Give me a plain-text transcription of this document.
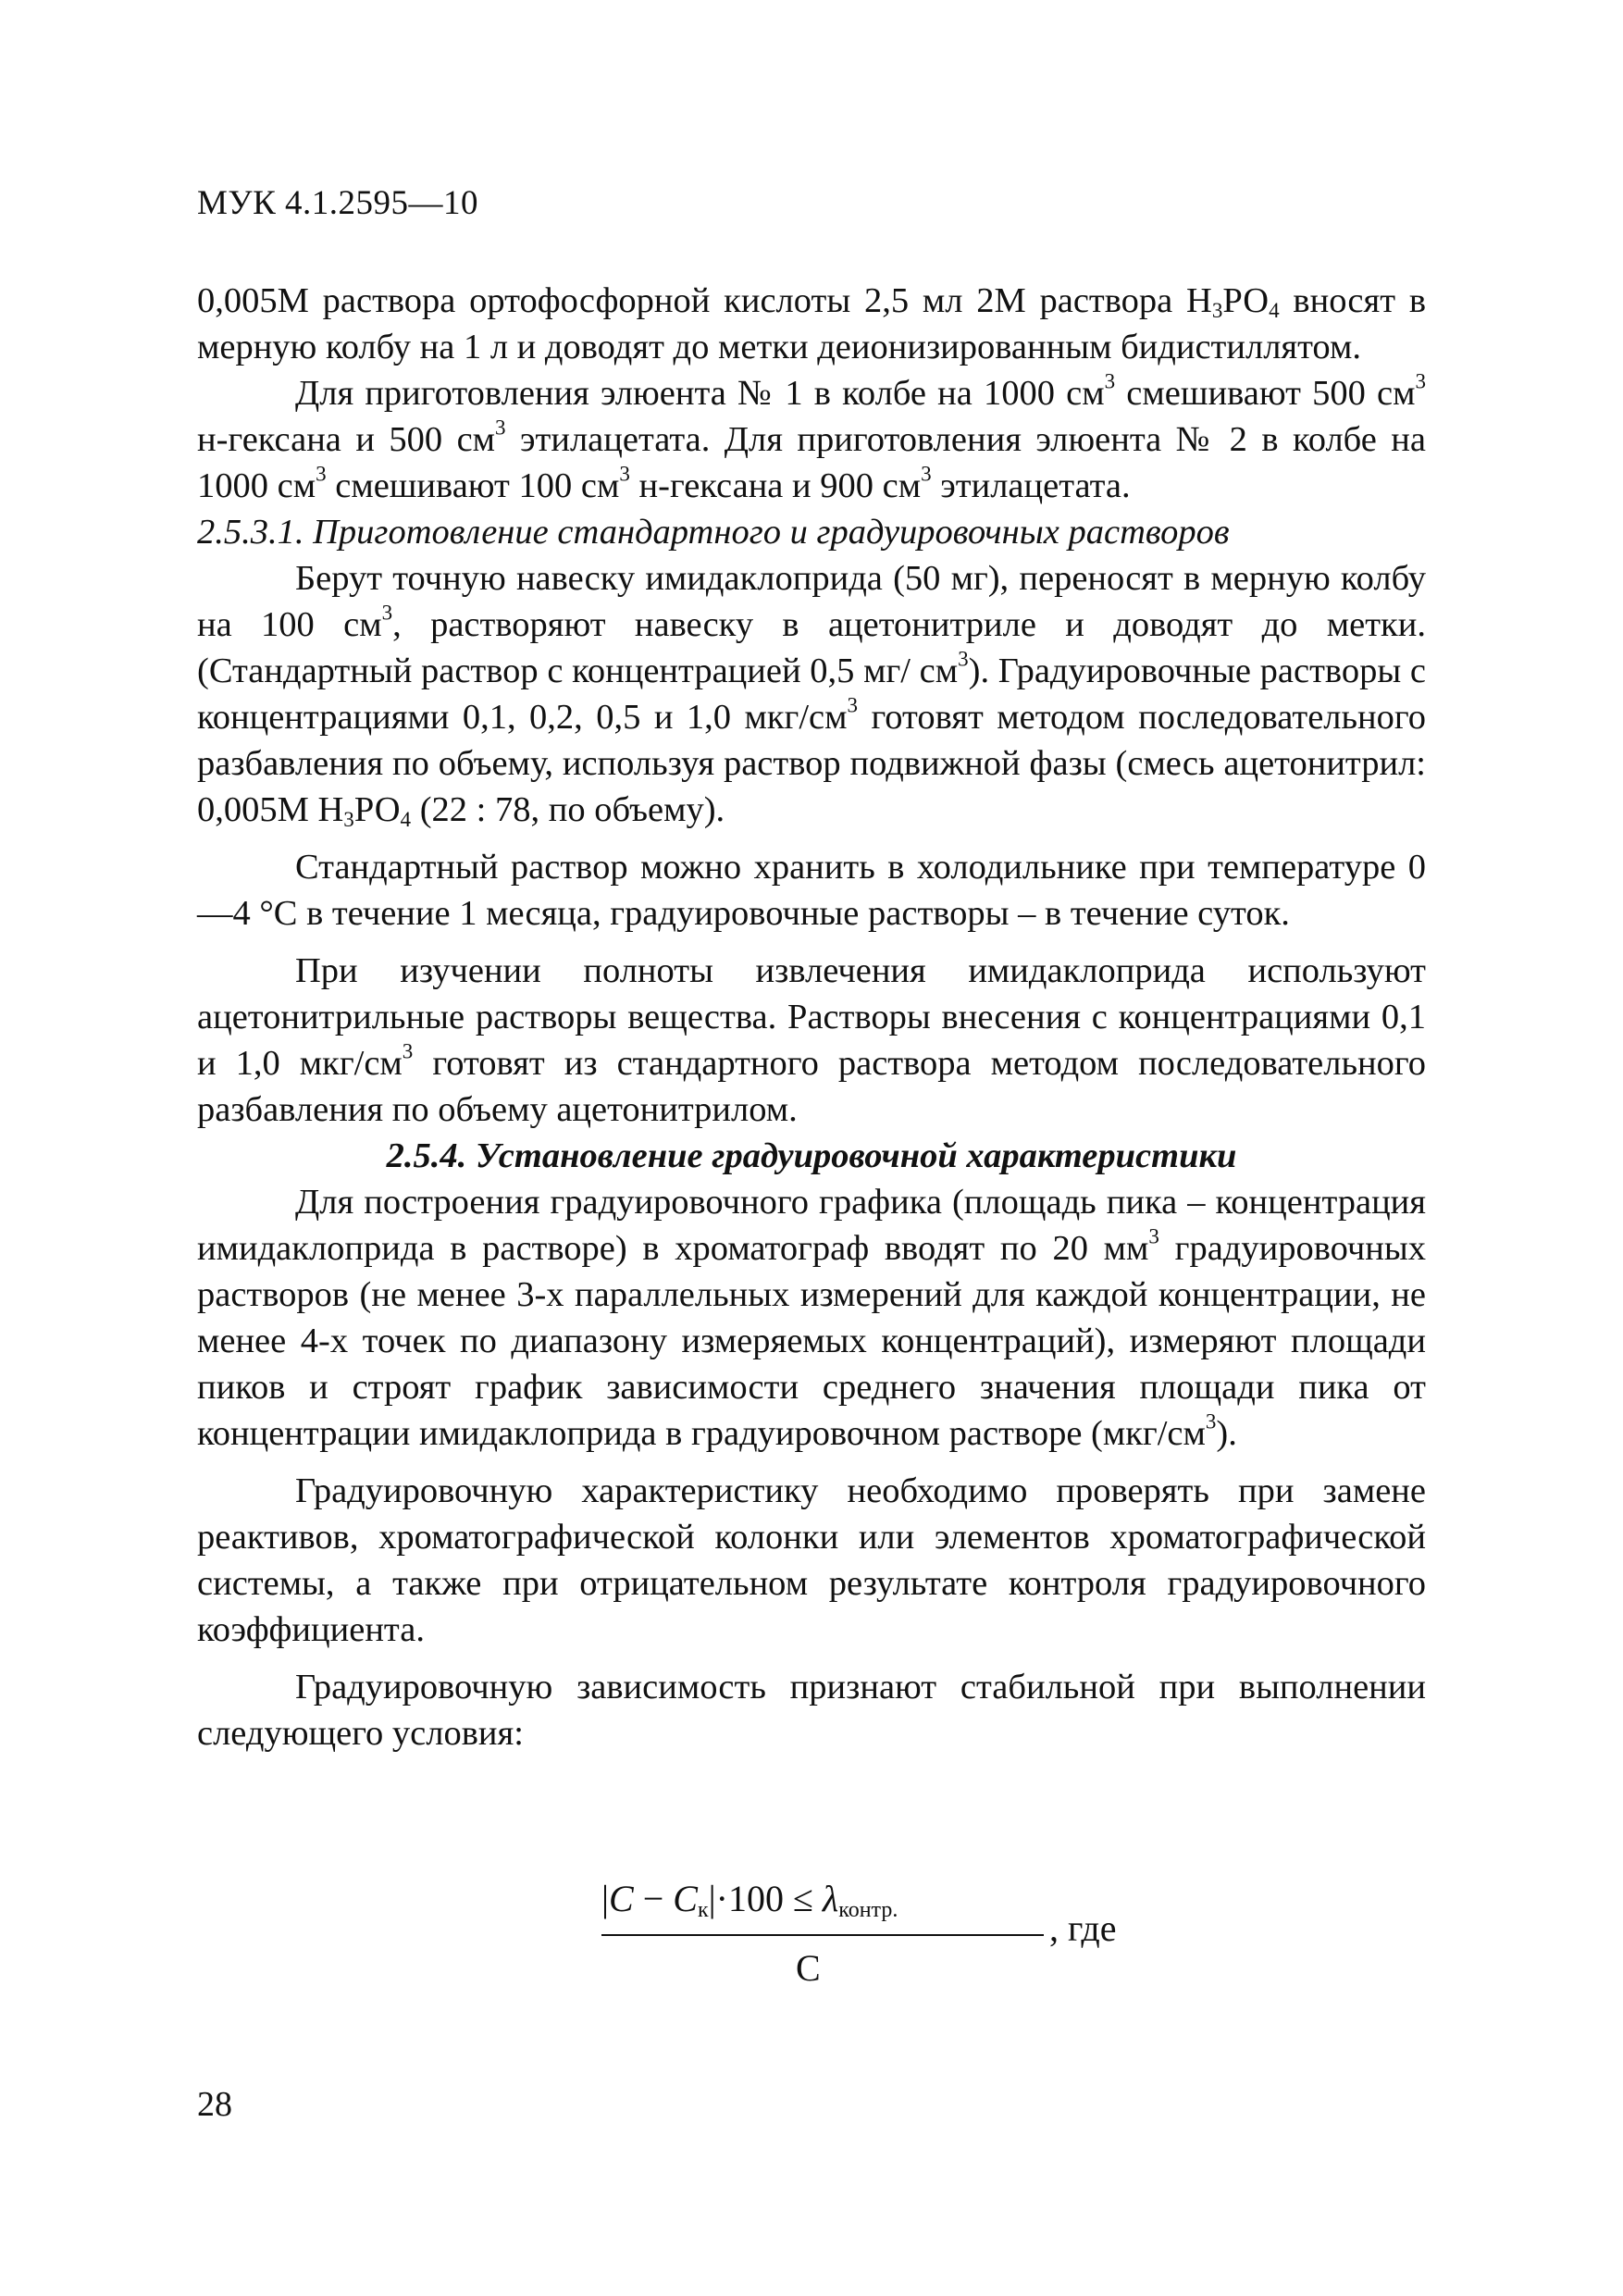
МУК 4.1.2595—10

0,005М раствора ортофосфорной кислоты 2,5 мл 2М раствора $Н_3РО_4$ вносят в мерную колбу на 1 л и доводят до метки деионизированным бидистиллятом.

Для приготовления элюента № 1 в колбе на 1000 $см^3$ смешивают 500 $см^3$ н-гексана и 500 $см^3$ этилацетата. Для приготовления элюента № 2 в колбе на 1000 $см^3$ смешивают 100 $см^3$ н-гексана и 900 $см^3$ этилацетата.

2.5.3.1. Приготовление стандартного и градуировочных растворов

Берут точную навеску имидаклоприда (50 мг), переносят в мерную колбу на 100 $см^3$, растворяют навеску в ацетонитриле и доводят до метки. (Стандартный раствор с концентрацией 0,5 мг/ $см^3$). Градуировочные растворы с концентрациями 0,1, 0,2, 0,5 и 1,0 мкг/$см^3$ готовят методом последовательного разбавления по объему, используя раствор подвижной фазы (смесь ацетонитрил: 0,005М $Н_3РО_4$ (22 : 78, по объему).

Стандартный раствор можно хранить в холодильнике при температуре 0—4 °С в течение 1 месяца, градуировочные растворы – в течение суток.

При изучении полноты извлечения имидаклоприда используют ацетонитрильные растворы вещества. Растворы внесения с концентрациями 0,1 и 1,0 мкг/$см^3$ готовят из стандартного раствора методом последовательного разбавления по объему ацетонитрилом.

2.5.4. Установление градуировочной характеристики

Для построения градуировочного графика (площадь пика – концентрация имидаклоприда в растворе) в хроматограф вводят по 20 $мм^3$ градуировочных растворов (не менее 3-х параллельных измерений для каждой концентрации, не менее 4-х точек по диапазону измеряемых концентраций), измеряют площади пиков и строят график зависимости среднего значения площади пика от концентрации имидаклоприда в градуировочном растворе $(мкг/см^3)$.

Градуировочную характеристику необходимо проверять при замене реактивов, хроматографической колонки или элементов хроматографической системы, а также при отрицательном результате контроля градуировочного коэффициента.

Градуировочную зависимость признают стабильной при выполнении следующего условия:

$|C - C_к|\cdot 100 \le \lambda_{контр.}$
C
, где
28
